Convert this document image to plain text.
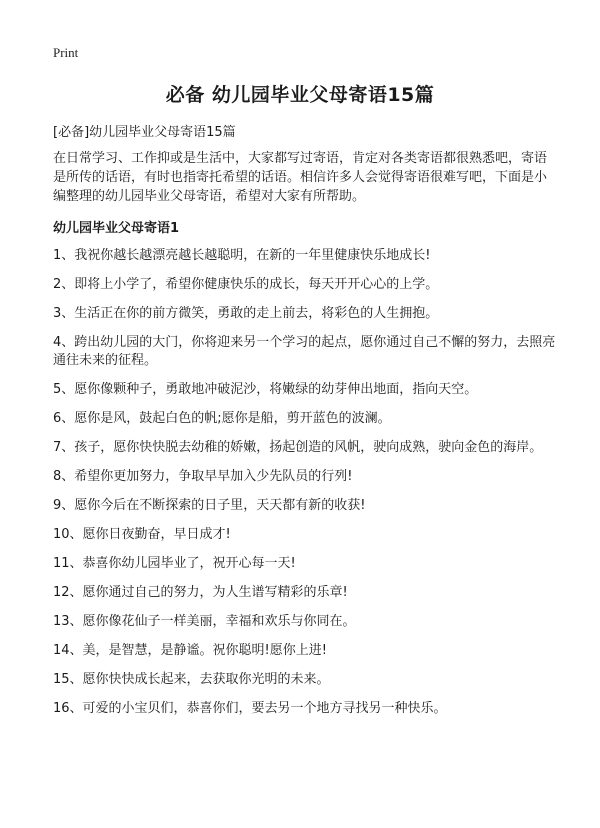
Print
必备 幼儿园毕业父母寄语15篇

[必备]幼儿园毕业父母寄语15篇

在日常学习、工作抑或是生活中，大家都写过寄语，肯定对各类寄语都很熟悉吧，寄语是所传的话语，有时也指寄托希望的话语。相信许多人会觉得寄语很难写吧，下面是小编整理的幼儿园毕业父母寄语，希望对大家有所帮助。

幼儿园毕业父母寄语1
1、我祝你越长越漂亮越长越聪明，在新的一年里健康快乐地成长!
2、即将上小学了，希望你健康快乐的成长，每天开开心心的上学。
3、生活正在你的前方微笑，勇敢的走上前去，将彩色的人生拥抱。
4、跨出幼儿园的大门，你将迎来另一个学习的起点，愿你通过自己不懈的努力，去照亮通往未来的征程。
5、愿你像颗种子，勇敢地冲破泥沙，将嫩绿的幼芽伸出地面，指向天空。
6、愿你是风，鼓起白色的帆;愿你是船，剪开蓝色的波澜。
7、孩子，愿你快快脱去幼稚的娇嫩，扬起创造的风帆，驶向成熟，驶向金色的海岸。
8、希望你更加努力，争取早早加入少先队员的行列!
9、愿你今后在不断探索的日子里，天天都有新的收获!
10、愿你日夜勤奋，早日成才!
11、恭喜你幼儿园毕业了，祝开心每一天!
12、愿你通过自己的努力，为人生谱写精彩的乐章!
13、愿你像花仙子一样美丽，幸福和欢乐与你同在。
14、美，是智慧，是静谧。祝你聪明!愿你上进!
15、愿你快快成长起来，去获取你光明的未来。
16、可爱的小宝贝们，恭喜你们，要去另一个地方寻找另一种快乐。
